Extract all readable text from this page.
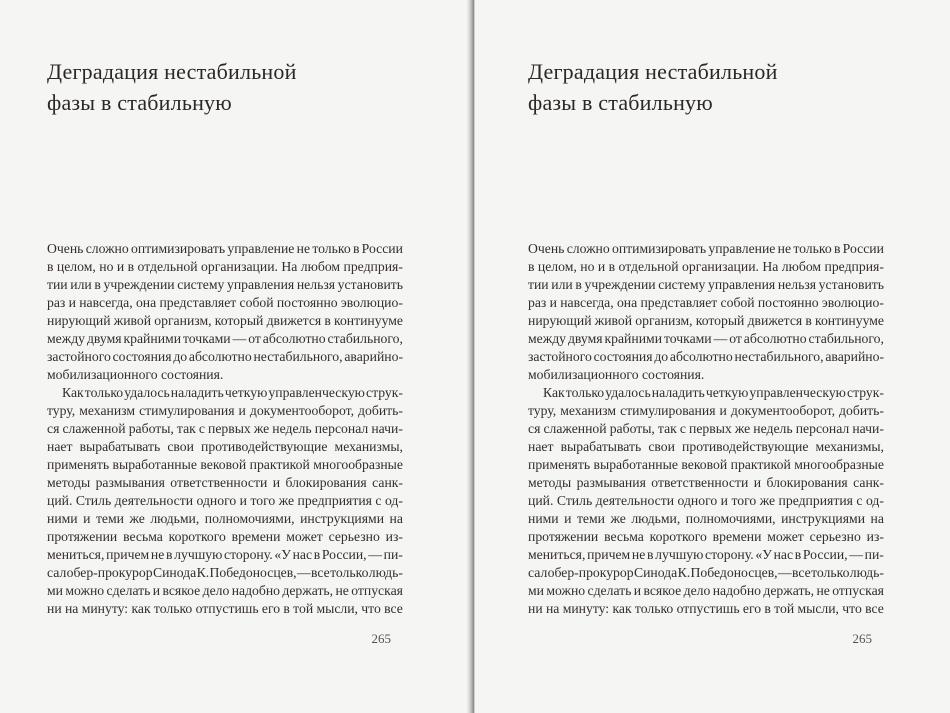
Деградация нестабильной
фазы в стабильную
Очень сложно оптимизировать управление не только в России
в целом, но и в отдельной организации. На любом предприя-
тии или в учреждении систему управления нельзя установить
раз и навсегда, она представляет собой постоянно эволюцио-
нирующий живой организм, который движется в континууме
между двумя крайними точками — от абсолютно стабильного,
застойного состояния до абсолютно нестабильного, аварийно-
мобилизационного состояния.
Как только удалось наладить четкую управленческую струк-
туру, механизм стимулирования и документооборот, добить-
ся слаженной работы, так с первых же недель персонал начи-
нает вырабатывать свои противодействующие механизмы,
применять выработанные вековой практикой многообразные
методы размывания ответственности и блокирования санк-
ций. Стиль деятельности одного и того же предприятия с од-
ними и теми же людьми, полномочиями, инструкциями на
протяжении весьма короткого времени может серьезно из-
мениться, причем не в лучшую сторону. «У нас в России, — пи-
сал обер-прокурор Синода К. Победоносцев, — все только людь-
ми можно сделать и всякое дело надобно держать, не отпуская
ни на минуту: как только отпустишь его в той мысли, что все
265
Деградация нестабильной
фазы в стабильную
Очень сложно оптимизировать управление не только в России
в целом, но и в отдельной организации. На любом предприя-
тии или в учреждении систему управления нельзя установить
раз и навсегда, она представляет собой постоянно эволюцио-
нирующий живой организм, который движется в континууме
между двумя крайними точками — от абсолютно стабильного,
застойного состояния до абсолютно нестабильного, аварийно-
мобилизационного состояния.
Как только удалось наладить четкую управленческую струк-
туру, механизм стимулирования и документооборот, добить-
ся слаженной работы, так с первых же недель персонал начи-
нает вырабатывать свои противодействующие механизмы,
применять выработанные вековой практикой многообразные
методы размывания ответственности и блокирования санк-
ций. Стиль деятельности одного и того же предприятия с од-
ними и теми же людьми, полномочиями, инструкциями на
протяжении весьма короткого времени может серьезно из-
мениться, причем не в лучшую сторону. «У нас в России, — пи-
сал обер-прокурор Синода К. Победоносцев, — все только людь-
ми можно сделать и всякое дело надобно держать, не отпуская
ни на минуту: как только отпустишь его в той мысли, что все
265
